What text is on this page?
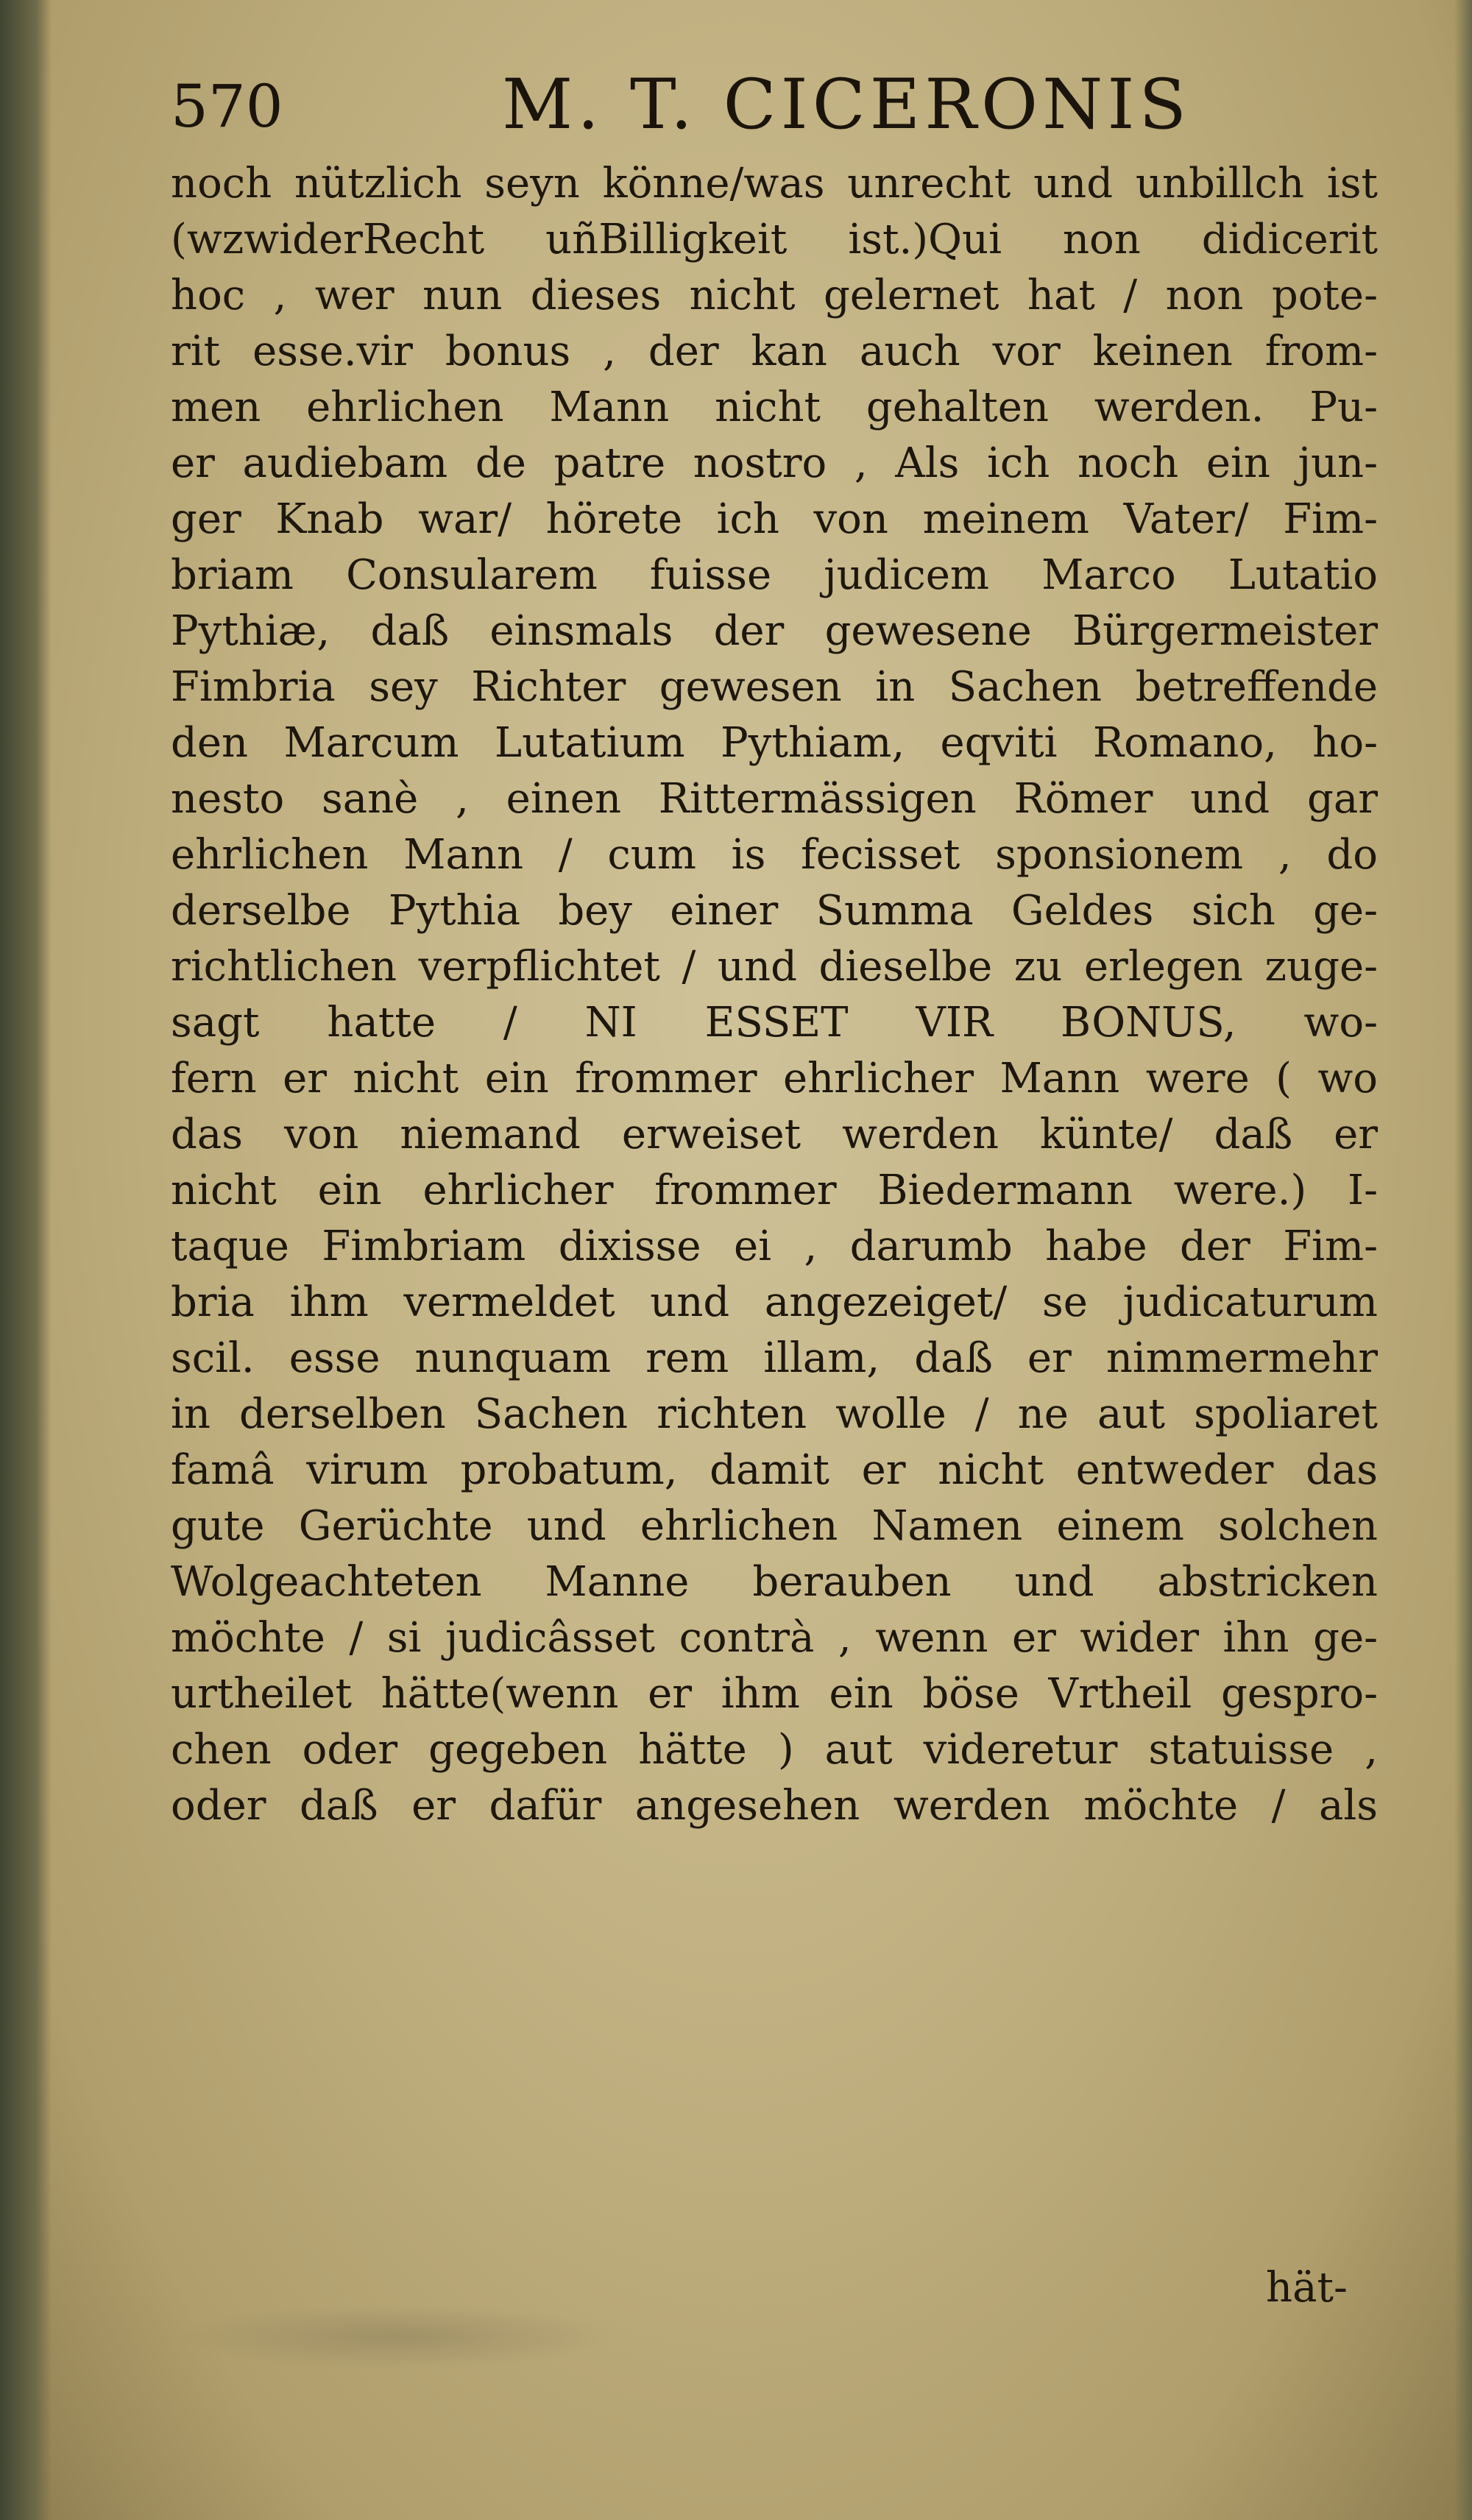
570	M. T. CICERONIS
noch nützlich seyn könne/was unrecht und unbillch ist
(wzwiderRecht uñBilligkeit ist.)Qui non didicerit
hoc , wer nun dieses nicht gelernet hat / non pote-
rit esse.vir bonus , der kan auch vor keinen from-
men ehrlichen Mann nicht gehalten werden. Pu-
er audiebam de patre nostro , Als ich noch ein jun-
ger Knab war/ hörete ich von meinem Vater/ Fim-
briam Consularem fuisse judicem Marco Lutatio
Pythiæ, daß einsmals der gewesene Bürgermeister
Fimbria sey Richter gewesen in Sachen betreffende
den Marcum Lutatium Pythiam, eqviti Romano, ho-
nesto sanè , einen Rittermässigen Römer und gar
ehrlichen Mann / cum is fecisset sponsionem , do
derselbe Pythia bey einer Summa Geldes sich ge-
richtlichen verpflichtet / und dieselbe zu erlegen zuge-
sagt hatte / NI ESSET VIR BONUS, wo-
fern er nicht ein frommer ehrlicher Mann were ( wo
das von niemand erweiset werden künte/ daß er
nicht ein ehrlicher frommer Biedermann were.) I-
taque Fimbriam dixisse ei , darumb habe der Fim-
bria ihm vermeldet und angezeiget/ se judicaturum
scil. esse nunquam rem illam, daß er nimmermehr
in derselben Sachen richten wolle / ne aut spoliaret
famâ virum probatum, damit er nicht entweder das
gute Gerüchte und ehrlichen Namen einem solchen
Wolgeachteten Manne berauben und abstricken
möchte / si judicâsset contrà , wenn er wider ihn ge-
urtheilet hätte(wenn er ihm ein böse Vrtheil gespro-
chen oder gegeben hätte ) aut videretur statuisse ,
oder daß er dafür angesehen werden möchte / als
hät-
